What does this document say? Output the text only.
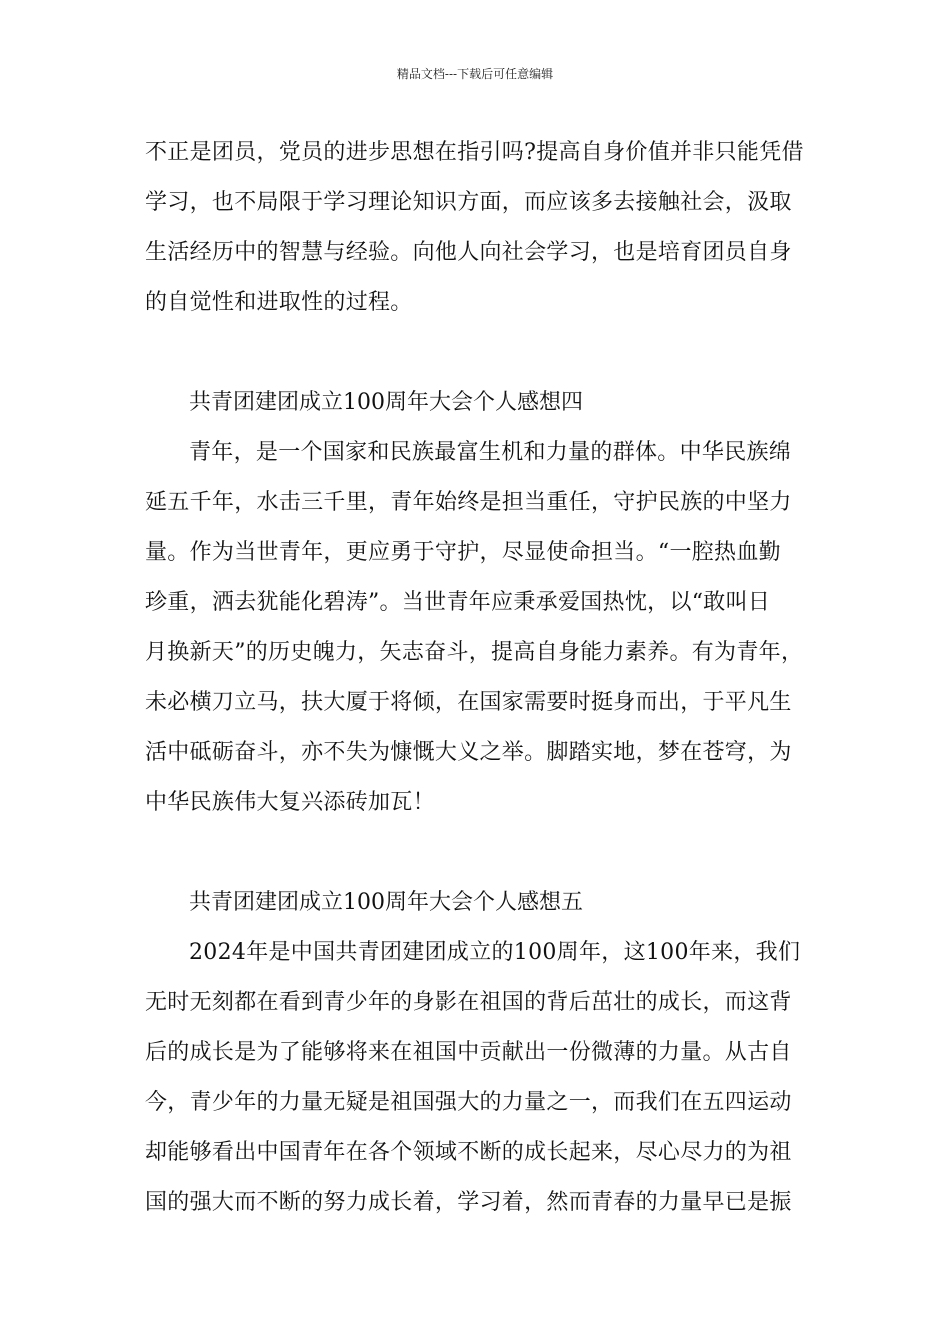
精品文档---下载后可任意编辑
不正是团员，党员的进步思想在指引吗?提高自身价值并非只能凭借
学习，也不局限于学习理论知识方面，而应该多去接触社会，汲取
生活经历中的智慧与经验。向他人向社会学习，也是培育团员自身
的自觉性和进取性的过程。
共青团建团成立100周年大会个人感想四
青年，是一个国家和民族最富生机和力量的群体。中华民族绵
延五千年，水击三千里，青年始终是担当重任，守护民族的中坚力
量。作为当世青年，更应勇于守护，尽显使命担当。“一腔热血勤
珍重，洒去犹能化碧涛”。当世青年应秉承爱国热忱，以“敢叫日
月换新天”的历史魄力，矢志奋斗，提高自身能力素养。有为青年，
未必横刀立马，扶大厦于将倾，在国家需要时挺身而出，于平凡生
活中砥砺奋斗，亦不失为慷慨大义之举。脚踏实地，梦在苍穹，为
中华民族伟大复兴添砖加瓦！
共青团建团成立100周年大会个人感想五
2024年是中国共青团建团成立的100周年，这100年来，我们
无时无刻都在看到青少年的身影在祖国的背后茁壮的成长，而这背
后的成长是为了能够将来在祖国中贡献出一份微薄的力量。从古自
今，青少年的力量无疑是祖国强大的力量之一，而我们在五四运动
却能够看出中国青年在各个领域不断的成长起来，尽心尽力的为祖
国的强大而不断的努力成长着，学习着，然而青春的力量早已是振
